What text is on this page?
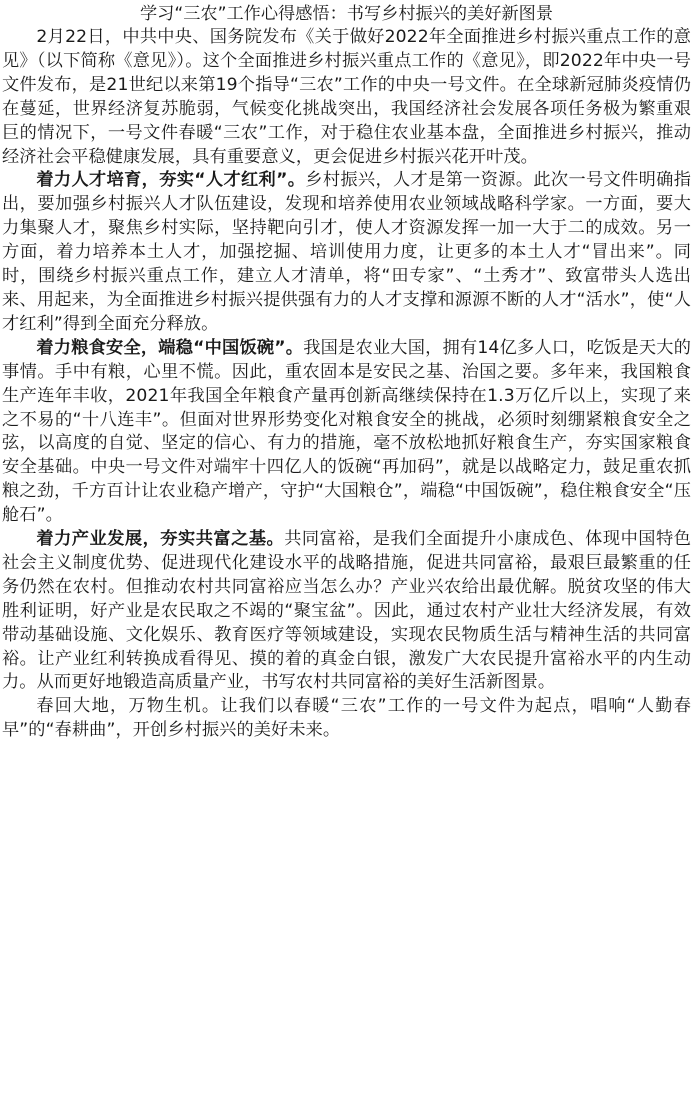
学习“三农”工作心得感悟：书写乡村振兴的美好新图景

2月22日，中共中央、国务院发布《关于做好2022年全面推进乡村振兴重点工作的意见》（以下简称《意见》）。这个全面推进乡村振兴重点工作的《意见》，即2022年中央一号文件发布，是21世纪以来第19个指导“三农”工作的中央一号文件。在全球新冠肺炎疫情仍在蔓延，世界经济复苏脆弱，气候变化挑战突出，我国经济社会发展各项任务极为繁重艰巨的情况下，一号文件春暖“三农”工作，对于稳住农业基本盘，全面推进乡村振兴，推动经济社会平稳健康发展，具有重要意义，更会促进乡村振兴花开叶茂。

着力人才培育，夯实“人才红利”。乡村振兴，人才是第一资源。此次一号文件明确指出，要加强乡村振兴人才队伍建设，发现和培养使用农业领域战略科学家。一方面，要大力集聚人才，聚焦乡村实际，坚持靶向引才，使人才资源发挥一加一大于二的成效。另一方面，着力培养本土人才，加强挖掘、培训使用力度，让更多的本土人才“冒出来”。同时，围绕乡村振兴重点工作，建立人才清单，将“田专家”、“土秀才”、致富带头人选出来、用起来，为全面推进乡村振兴提供强有力的人才支撑和源源不断的人才“活水”，使“人才红利”得到全面充分释放。

着力粮食安全，端稳“中国饭碗”。我国是农业大国，拥有14亿多人口，吃饭是天大的事情。手中有粮，心里不慌。因此，重农固本是安民之基、治国之要。多年来，我国粮食生产连年丰收，2021年我国全年粮食产量再创新高继续保持在1.3万亿斤以上，实现了来之不易的“十八连丰”。但面对世界形势变化对粮食安全的挑战，必须时刻绷紧粮食安全之弦，以高度的自觉、坚定的信心、有力的措施，毫不放松地抓好粮食生产，夯实国家粮食安全基础。中央一号文件对端牢十四亿人的饭碗“再加码”，就是以战略定力，鼓足重农抓粮之劲，千方百计让农业稳产增产，守护“大国粮仓”，端稳“中国饭碗”，稳住粮食安全“压舱石”。

着力产业发展，夯实共富之基。共同富裕，是我们全面提升小康成色、体现中国特色社会主义制度优势、促进现代化建设水平的战略措施，促进共同富裕，最艰巨最繁重的任务仍然在农村。但推动农村共同富裕应当怎么办？产业兴农给出最优解。脱贫攻坚的伟大胜利证明，好产业是农民取之不竭的“聚宝盆”。因此，通过农村产业壮大经济发展，有效带动基础设施、文化娱乐、教育医疗等领域建设，实现农民物质生活与精神生活的共同富裕。让产业红利转换成看得见、摸的着的真金白银，激发广大农民提升富裕水平的内生动力。从而更好地锻造高质量产业，书写农村共同富裕的美好生活新图景。

春回大地，万物生机。让我们以春暖“三农”工作的一号文件为起点，唱响“人勤春早”的“春耕曲”，开创乡村振兴的美好未来。
